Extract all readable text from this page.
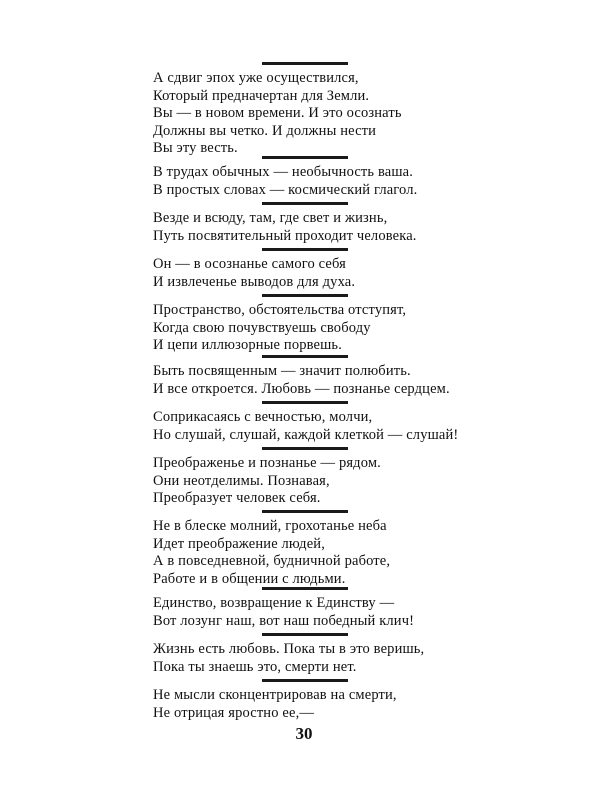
А сдвиг эпох уже осуществился,
Который предначертан для Земли.
Вы — в новом времени. И это осознать
Должны вы четко. И должны нести
Вы эту весть.
В трудах обычных — необычность ваша.
В простых словах — космический глагол.
Везде и всюду, там, где свет и жизнь,
Путь посвятительный проходит человека.
Он — в осознанье самого себя
И извлеченье выводов для духа.
Пространство, обстоятельства отступят,
Когда свою почувствуешь свободу
И цепи иллюзорные порвешь.
Быть посвященным — значит полюбить.
И все откроется. Любовь — познанье сердцем.
Соприкасаясь с вечностью, молчи,
Но слушай, слушай, каждой клеткой — слушай!
Преображенье и познанье — рядом.
Они неотделимы. Познавая,
Преобразует человек себя.
Не в блеске молний, грохотанье неба
Идет преображение людей,
А в повседневной, будничной работе,
Работе и в общении с людьми.
Единство, возвращение к Единству —
Вот лозунг наш, вот наш победный клич!
Жизнь есть любовь. Пока ты в это веришь,
Пока ты знаешь это, смерти нет.
Не мысли сконцентрировав на смерти,
Не отрицая яростно ее,—
30
